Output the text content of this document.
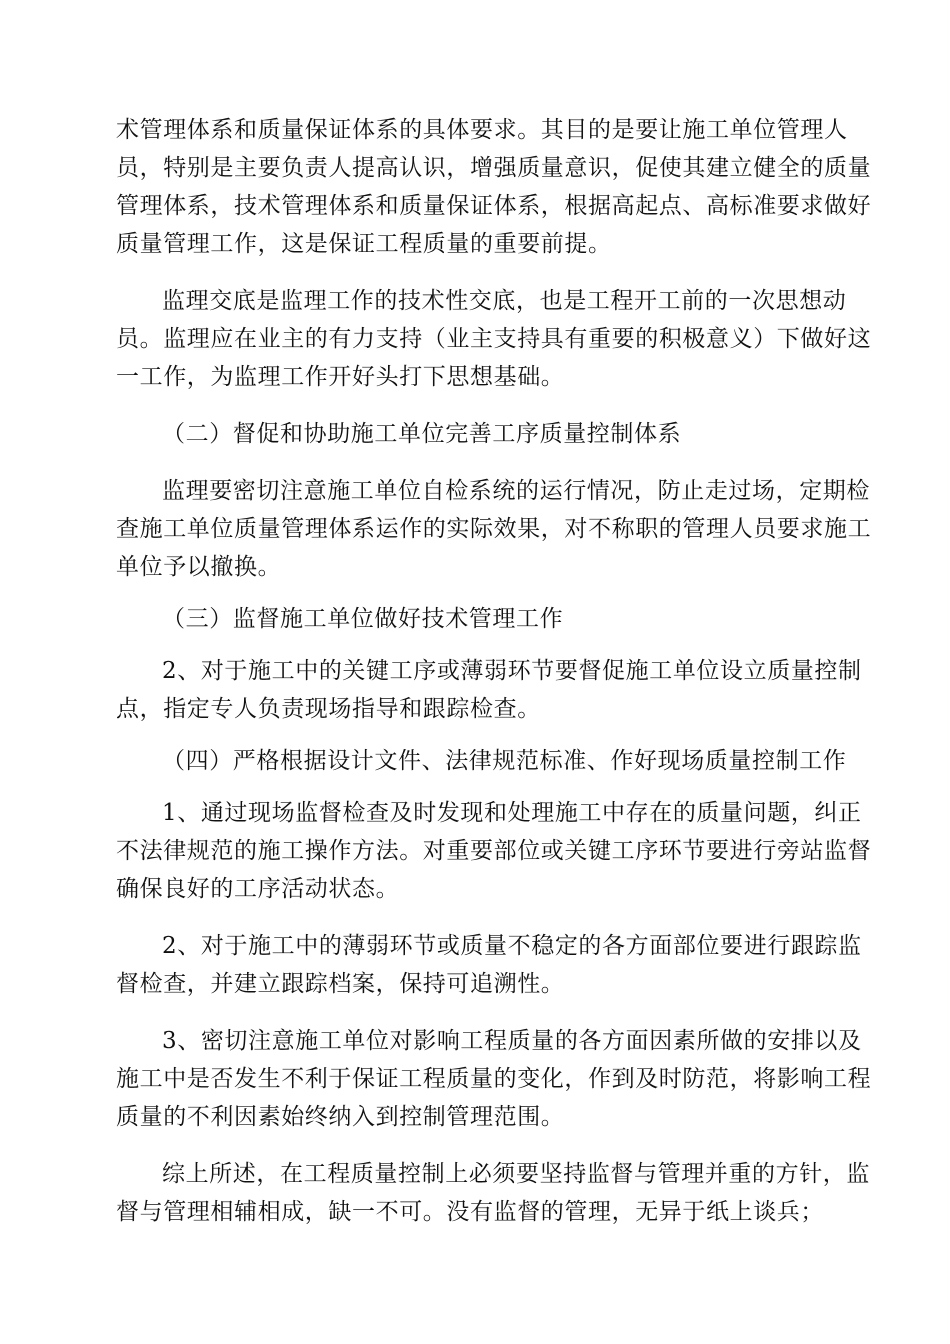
术管理体系和质量保证体系的具体要求。其目的是要让施工单位管理人
员，特别是主要负责人提高认识，增强质量意识，促使其建立健全的质量
管理体系，技术管理体系和质量保证体系，根据高起点、高标准要求做好
质量管理工作，这是保证工程质量的重要前提。
监理交底是监理工作的技术性交底，也是工程开工前的一次思想动
员。监理应在业主的有力支持（业主支持具有重要的积极意义）下做好这
一工作，为监理工作开好头打下思想基础。
（二）督促和协助施工单位完善工序质量控制体系
监理要密切注意施工单位自检系统的运行情况，防止走过场，定期检
查施工单位质量管理体系运作的实际效果，对不称职的管理人员要求施工
单位予以撤换。
（三）监督施工单位做好技术管理工作
2、对于施工中的关键工序或薄弱环节要督促施工单位设立质量控制
点，指定专人负责现场指导和跟踪检查。
（四）严格根据设计文件、法律规范标准、作好现场质量控制工作
1、通过现场监督检查及时发现和处理施工中存在的质量问题，纠正
不法律规范的施工操作方法。对重要部位或关键工序环节要进行旁站监督
确保良好的工序活动状态。
2、对于施工中的薄弱环节或质量不稳定的各方面部位要进行跟踪监
督检查，并建立跟踪档案，保持可追溯性。
3、密切注意施工单位对影响工程质量的各方面因素所做的安排以及
施工中是否发生不利于保证工程质量的变化，作到及时防范，将影响工程
质量的不利因素始终纳入到控制管理范围。
综上所述，在工程质量控制上必须要坚持监督与管理并重的方针，监
督与管理相辅相成，缺一不可。没有监督的管理，无异于纸上谈兵；
